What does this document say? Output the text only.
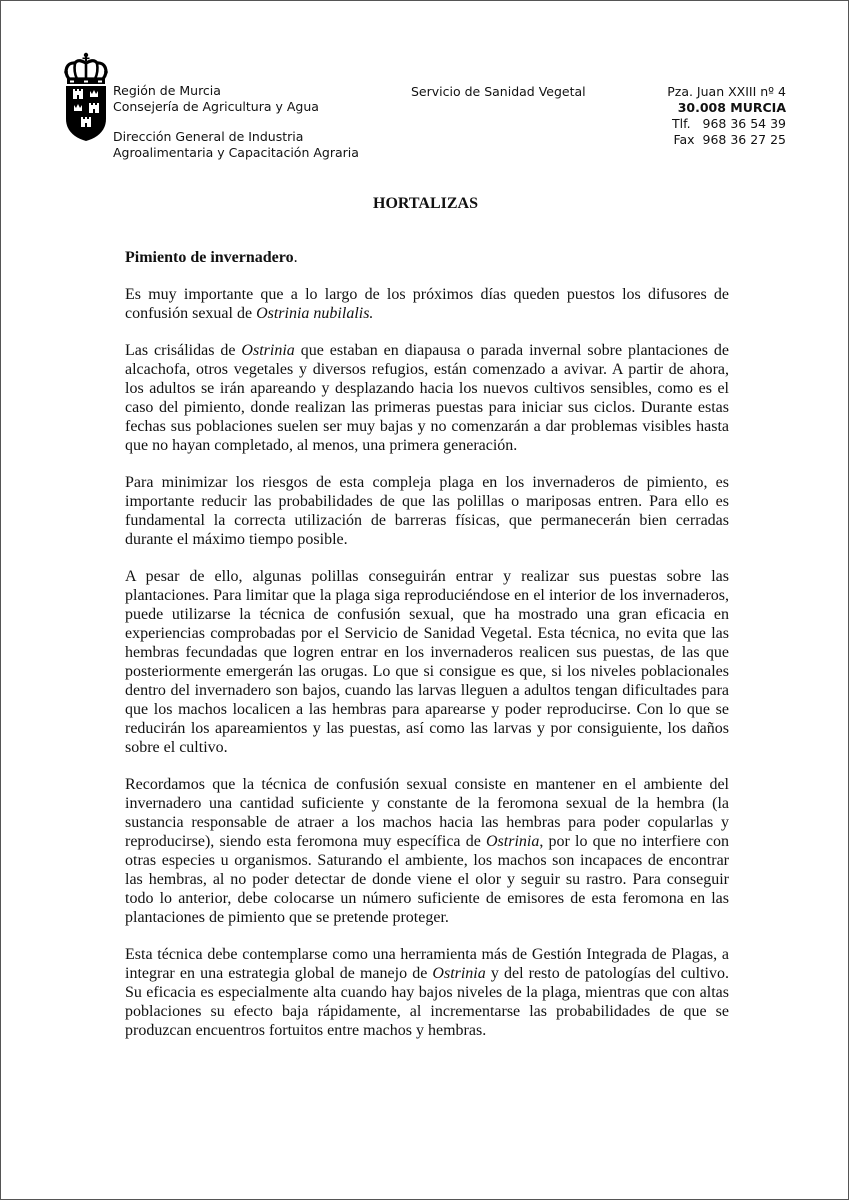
Región de Murcia
Consejería de Agricultura y Agua
Dirección General de Industria
Agroalimentaria y Capacitación Agraria
Servicio de Sanidad Vegetal	Pza. Juan XXIII nº 4
30.008 MURCIA
Tlf.   968 36 54 39
Fax  968 36 27 25
HORTALIZAS

Pimiento de invernadero.

Es muy importante que a lo largo de los próximos días queden puestos los difusores de confusión sexual de Ostrinia nubilalis.

Las crisálidas de Ostrinia que estaban en diapausa o parada invernal sobre plantaciones de alcachofa, otros vegetales y diversos refugios, están comenzado a avivar. A partir de ahora, los adultos se irán apareando y desplazando hacia los nuevos cultivos sensibles, como es el caso del pimiento, donde realizan las primeras puestas para iniciar sus ciclos. Durante estas fechas sus poblaciones suelen ser muy bajas y no comenzarán a dar problemas visibles hasta que no hayan completado, al menos, una primera generación.

Para minimizar los riesgos de esta compleja plaga en los invernaderos de pimiento, es importante reducir las probabilidades de que las polillas o mariposas entren. Para ello es fundamental la correcta utilización de barreras físicas, que permanecerán bien cerradas durante el máximo tiempo posible.

A pesar de ello, algunas polillas conseguirán entrar y realizar sus puestas sobre las plantaciones. Para limitar que la plaga siga reproduciéndose en el interior de los invernaderos, puede utilizarse la técnica de confusión sexual, que ha mostrado una gran eficacia en experiencias comprobadas por el Servicio de Sanidad Vegetal. Esta técnica, no evita que las hembras fecundadas que logren entrar en los invernaderos realicen sus puestas, de las que posteriormente emergerán las orugas. Lo que si consigue es que, si los niveles poblacionales dentro del invernadero son bajos, cuando las larvas lleguen a adultos tengan dificultades para que los machos localicen a las hembras para aparearse y poder reproducirse. Con lo que se reducirán los apareamientos y las puestas, así como las larvas y por consiguiente, los daños sobre el cultivo.

Recordamos que la técnica de confusión sexual consiste en mantener en el ambiente del invernadero una cantidad suficiente y constante de la feromona sexual de la hembra (la sustancia responsable de atraer a los machos hacia las hembras para poder copularlas y reproducirse), siendo esta feromona muy específica de Ostrinia, por lo que no interfiere con otras especies u organismos. Saturando el ambiente, los machos son incapaces de encontrar las hembras, al no poder detectar de donde viene el olor y seguir su rastro. Para conseguir todo lo anterior, debe colocarse un número suficiente de emisores de esta feromona en las plantaciones de pimiento que se pretende proteger.

Esta técnica debe contemplarse como una herramienta más de Gestión Integrada de Plagas, a integrar en una estrategia global de manejo de Ostrinia y del resto de patologías del cultivo. Su eficacia es especialmente alta cuando hay bajos niveles de la plaga, mientras que con altas poblaciones su efecto baja rápidamente, al incrementarse las probabilidades de que se produzcan encuentros fortuitos entre machos y hembras.
